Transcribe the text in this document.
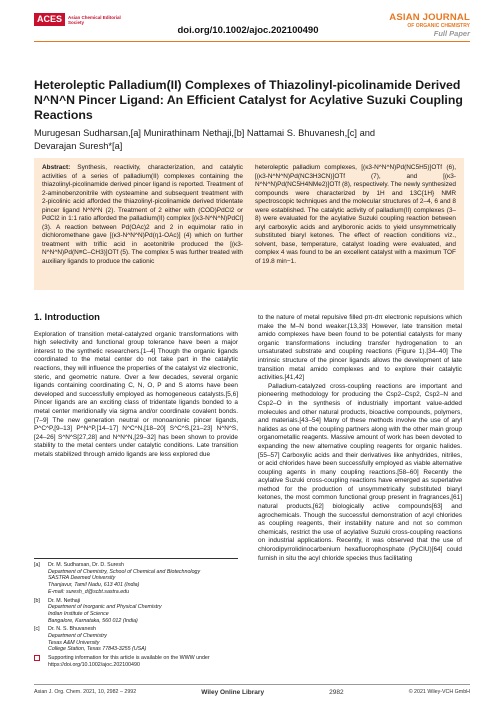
ACES	Asian Chemical Editorial Society
doi.org/10.1002/ajoc.202100490
ASIAN JOURNAL
OF ORGANIC CHEMISTRY
Full Paper
Heteroleptic Palladium(II) Complexes of Thiazolinyl-picolinamide Derived N^N^N Pincer Ligand: An Efficient Catalyst for Acylative Suzuki Coupling Reactions
Murugesan Sudharsan,[a] Munirathinam Nethaji,[b] Nattamai S. Bhuvanesh,[c] and
Devarajan Suresh*[a]
Abstract: Synthesis, reactivity, characterization, and catalytic activities of a series of palladium(II) complexes containing the thiazolinyl-picolinamide derived pincer ligand is reported. Treatment of 2-aminobenzonitrile with cysteamine and subsequent treatment with 2-picolinic acid afforded the thiazolinyl-picolinamide derived tridentate pincer ligand N^N^N (2). Treatment of 2 either with (COD)PdCl2 or PdCl2 in 1:1 ratio afforded the palladium(II) complex [(κ3-N^N^N)PdCl] (3). A reaction between Pd(OAc)2 and 2 in equimolar ratio in dichloromethane gave [(κ3-N^N^N)Pd(η1-OAc)] (4) which on further treatment with triflic acid in acetonitrile produced the [(κ3-N^N^N)Pd(N≡C–CH3)]OTf (5). The complex 5 was further treated with auxiliary ligands to produce the cationic
heteroleptic palladium complexes, [(κ3-N^N^N)Pd(NC5H5)]OTf (6), [(κ3-N^N^N)Pd(NC3H3CN)]OTf (7), and [(κ3-N^N^N)Pd(NC5H4NMe2)]OTf (8), respectively. The newly synthesized compounds were characterized by 1H and 13C{1H} NMR spectroscopic techniques and the molecular structures of 2–4, 6 and 8 were established. The catalytic activity of palladium(II) complexes (3–8) were evaluated for the acylative Suzuki coupling reaction between aryl carboxylic acids and arylboronic acids to yield unsymmetrically substituted biaryl ketones. The effect of reaction conditions viz., solvent, base, temperature, catalyst loading were evaluated, and complex 4 was found to be an excellent catalyst with a maximum TOF of 19.8 min−1.
1. Introduction

Exploration of transition metal-catalyzed organic transformations with high selectivity and functional group tolerance have been a major interest to the synthetic researchers.[1–4] Though the organic ligands coordinated to the metal center do not take part in the catalytic reactions, they will influence the properties of the catalyst viz electronic, steric, and geometric nature. Over a few decades, several organic ligands containing coordinating C, N, O, P and S atoms have been developed and successfully employed as homogeneous catalysts.[5,6] Pincer ligands are an exciting class of tridentate ligands bonded to a metal center meridionally via sigma and/or coordinate covalent bonds.[7–9] The new generation neutral or monoanionic pincer ligands, P^C^P,[9–13] P^N^P,[14–17] N^C^N,[18–20] S^C^S,[21–23] N^N^S,[24–26] S^N^S[27,28] and N^N^N,[29–32] has been shown to provide stability to the metal centers under catalytic conditions. Late transition metals stabilized through amido ligands are less explored due

to the nature of metal repulsive filled pπ-dπ electronic repulsions which make the M–N bond weaker.[13,33] However, late transition metal amido complexes have been found to be potential catalysts for many organic transformations including transfer hydrogenation to an unsaturated substrate and coupling reactions (Figure 1).[34–40] The intrinsic structure of the pincer ligands allows the development of late transition metal amido complexes and to explore their catalytic activities.[41,42]

Palladium-catalyzed cross-coupling reactions are important and pioneering methodology for producing the Csp2–Csp2, Csp2–N and Csp2–O in the synthesis of industrially important value-added molecules and other natural products, bioactive compounds, polymers, and materials.[43–54] Many of these methods involve the use of aryl halides as one of the coupling partners along with the other main group organometallic reagents. Massive amount of work has been devoted to expanding the new alternative coupling reagents for organic halides.[55–57] Carboxylic acids and their derivatives like anhydrides, nitriles, or acid chlorides have been successfully employed as viable alternative coupling agents in many coupling reactions.[58–60] Recently the acylative Suzuki cross-coupling reactions have emerged as superlative method for the production of unsymmetrically substituted biaryl ketones, the most common functional group present in fragrances,[61] natural products,[62] biologically active compounds[63] and agrochemicals. Though the successful demonstration of acyl chlorides as coupling reagents, their instability nature and not so common chemicals, restrict the use of acylative Suzuki cross-coupling reactions on industrial applications. Recently, it was observed that the use of chlorodipyrrolidinocarbenium hexafluorophosphate (PyCIU)[64] could furnish in situ the acyl chloride species thus facilitating

[a]	Dr. M. Sudharsan, Dr. D. Suresh
Department of Chemistry, School of Chemical and Biotechnology
SASTRA Deemed University
Thanjavur, Tamil Nadu, 613 401 (India)
E-mail: suresh_d@scbt.sastra.edu
[b]	Dr. M. Nethaji
Department of Inorganic and Physical Chemistry
Indian Institute of Science
Bangalore, Karnataka, 560 012 (India)
[c]	Dr. N. S. Bhuvanesh
Department of Chemistry
Texas A&M University
College Station, Texas 77843-3255 (USA)
Supporting information for this article is available on the WWW under https://doi.org/10.1002/ajoc.202100490
Asian J. Org. Chem. 2021, 10, 2982 – 2992	Wiley Online Library	2982	© 2021 Wiley-VCH GmbH
